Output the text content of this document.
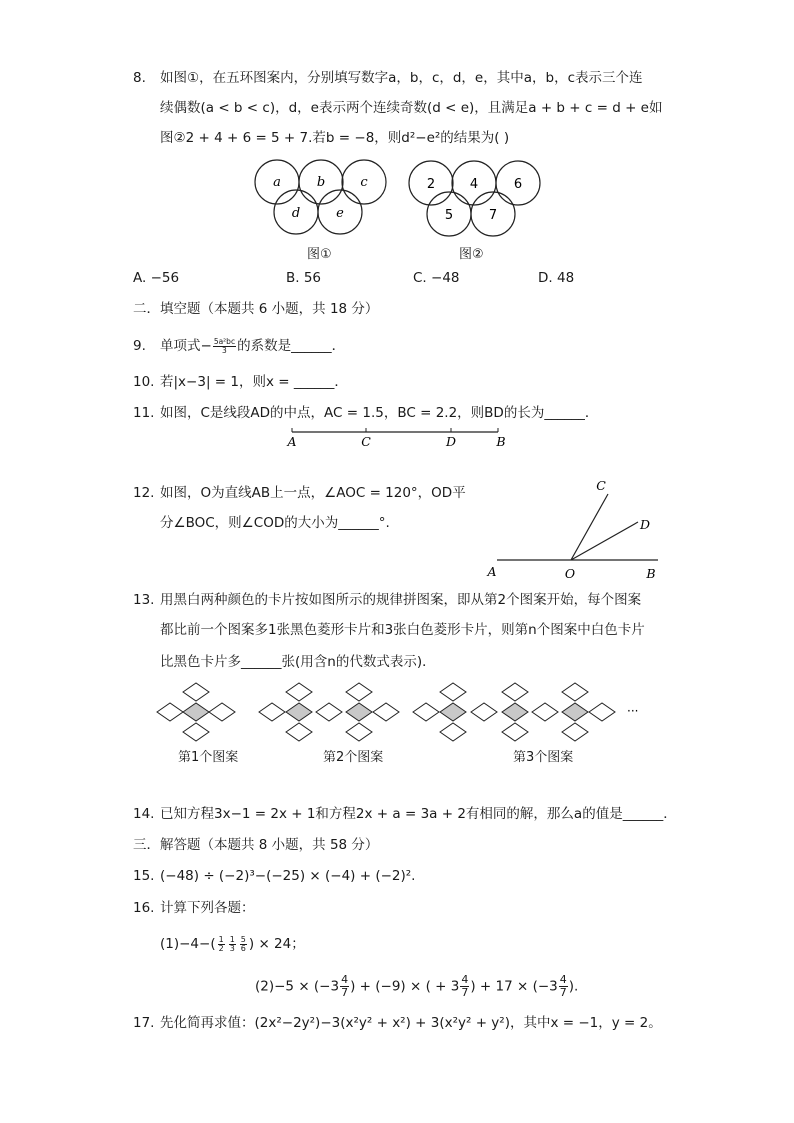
8. 如图①，在五环图案内，分别填写数字a，b，c，d，e，其中a，b，c表示三个连
续偶数(a < b < c)，d，e表示两个连续奇数(d < e)，且满足a + b + c = d + e如
图②2 + 4 + 6 = 5 + 7.若b = −8，则d²−e²的结果为( )
a	b	c
d	e
2	4	6
5	7
图①	图②
A. −56	B. 56	C. −48	D. 48
二．填空题（本题共 6 小题，共 18 分）
9. 单项式− $\frac{\text{5a²bc}}{3}$ 的系数是______．
10. 若|x−3| = 1，则x = ______．
11. 如图，C是线段AD的中点，AC = 1.5，BC = 2.2，则BD的长为______．
A	C	D	B
12. 如图，O为直线AB上一点，∠AOC = 120°，OD平
分∠BOC，则∠COD的大小为______°.
A	O	B
C
D
13. 用黑白两种颜色的卡片按如图所示的规律拼图案，即从第2个图案开始，每个图案
都比前一个图案多1张黑色菱形卡片和3张白色菱形卡片，则第n个图案中白色卡片
比黑色卡片多______张(用含n的代数式表示)．
···
第1个图案	第2个图案	第3个图案
14. 已知方程3x−1 = 2x + 1和方程2x + a = 3a + 2有相同的解，那么a的值是______．
三．解答题（本题共 8 小题，共 58 分）
15. (−48) ÷ (−2)³−(−25) × (−4) + (−2)².
16. 计算下列各题：
$(1)-4-( \frac{1}{2} \frac{1}{3} \frac{5}{6}$ ) × 24；
$(2)-5 \times (-3 \frac{4}{7}$ ) + (−9) × ( + $3 \frac{4}{7}$ ) + $17 \times (-3 \frac{4}{7}$ ).
17. 先化简再求值：(2x²−2y²)−3(x²y² + x²) + 3(x²y² + y²)，其中x = −1，y = 2。
